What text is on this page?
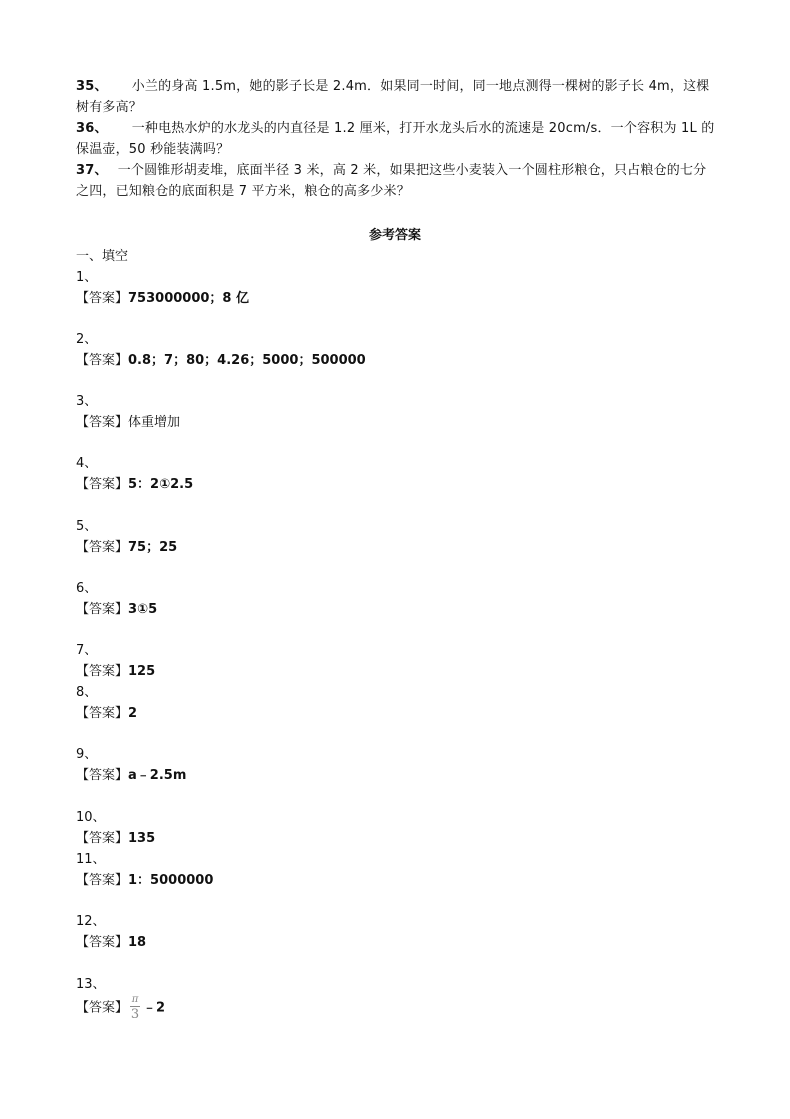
35、 小兰的身高 1.5m，她的影子长是 2.4m．如果同一时间，同一地点测得一棵树的影子长 4m，这棵树有多高？
36、 一种电热水炉的水龙头的内直径是 1.2 厘米，打开水龙头后水的流速是 20cm/s．一个容积为 1L 的保温壶，50 秒能装满吗？
37、 一个圆锥形胡麦堆，底面半径 3 米，高 2 米，如果把这些小麦装入一个圆柱形粮仓，只占粮仓的七分之四，已知粮仓的底面积是 7 平方米，粮仓的高多少米？
参考答案
一、填空
1、
【答案】753000000；8 亿
2、
【答案】0.8；7；80；4.26；5000；500000
3、
【答案】体重增加
4、
【答案】5：2①2.5
5、
【答案】75；25
6、
【答案】3①5
7、
【答案】125
8、
【答案】2
9、
【答案】a﹣2.5m
10、
【答案】135
11、
【答案】1：5000000
12、
【答案】18
13、
【答案】 $\frac{\pi}{3}$ ﹣2
